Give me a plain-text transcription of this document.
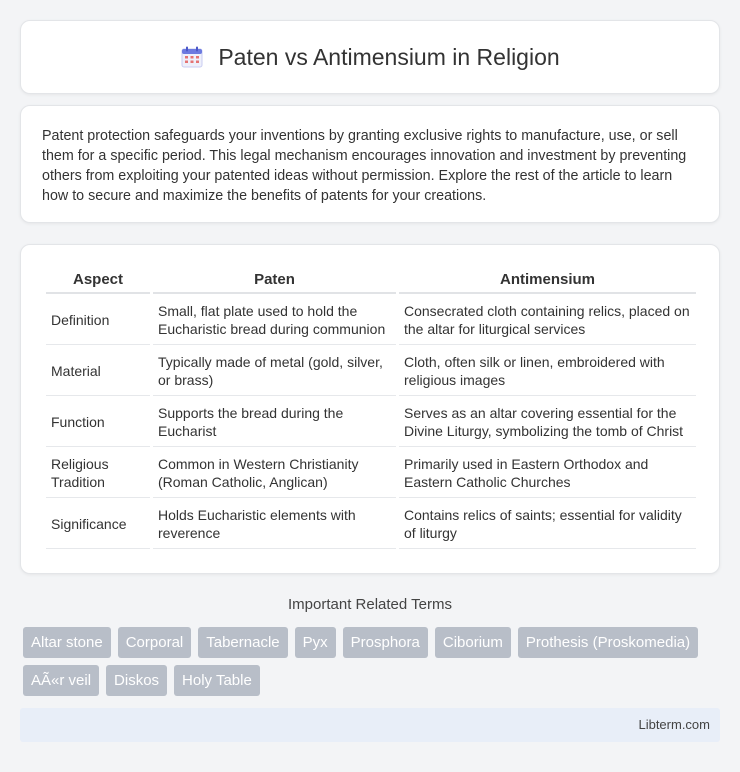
Paten vs Antimensium in Religion

Patent protection safeguards your inventions by granting exclusive rights to manufacture, use, or sell them for a specific period. This legal mechanism encourages innovation and investment by preventing others from exploiting your patented ideas without permission. Explore the rest of the article to learn how to secure and maximize the benefits of patents for your creations.

Aspect	Paten	Antimensium
Definition	Small, flat plate used to hold the Eucharistic bread during communion	Consecrated cloth containing relics, placed on the altar for liturgical services
Material	Typically made of metal (gold, silver, or brass)	Cloth, often silk or linen, embroidered with religious images
Function	Supports the bread during the Eucharist	Serves as an altar covering essential for the Divine Liturgy, symbolizing the tomb of Christ
Religious Tradition	Common in Western Christianity (Roman Catholic, Anglican)	Primarily used in Eastern Orthodox and Eastern Catholic Churches
Significance	Holds Eucharistic elements with reverence	Contains relics of saints; essential for validity of liturgy
Important Related Terms
Altar stone	Corporal	Tabernacle	Pyx	Prosphora	Ciborium	Prothesis (Proskomedia)
AÃ«r veil	Diskos	Holy Table
Libterm.com
